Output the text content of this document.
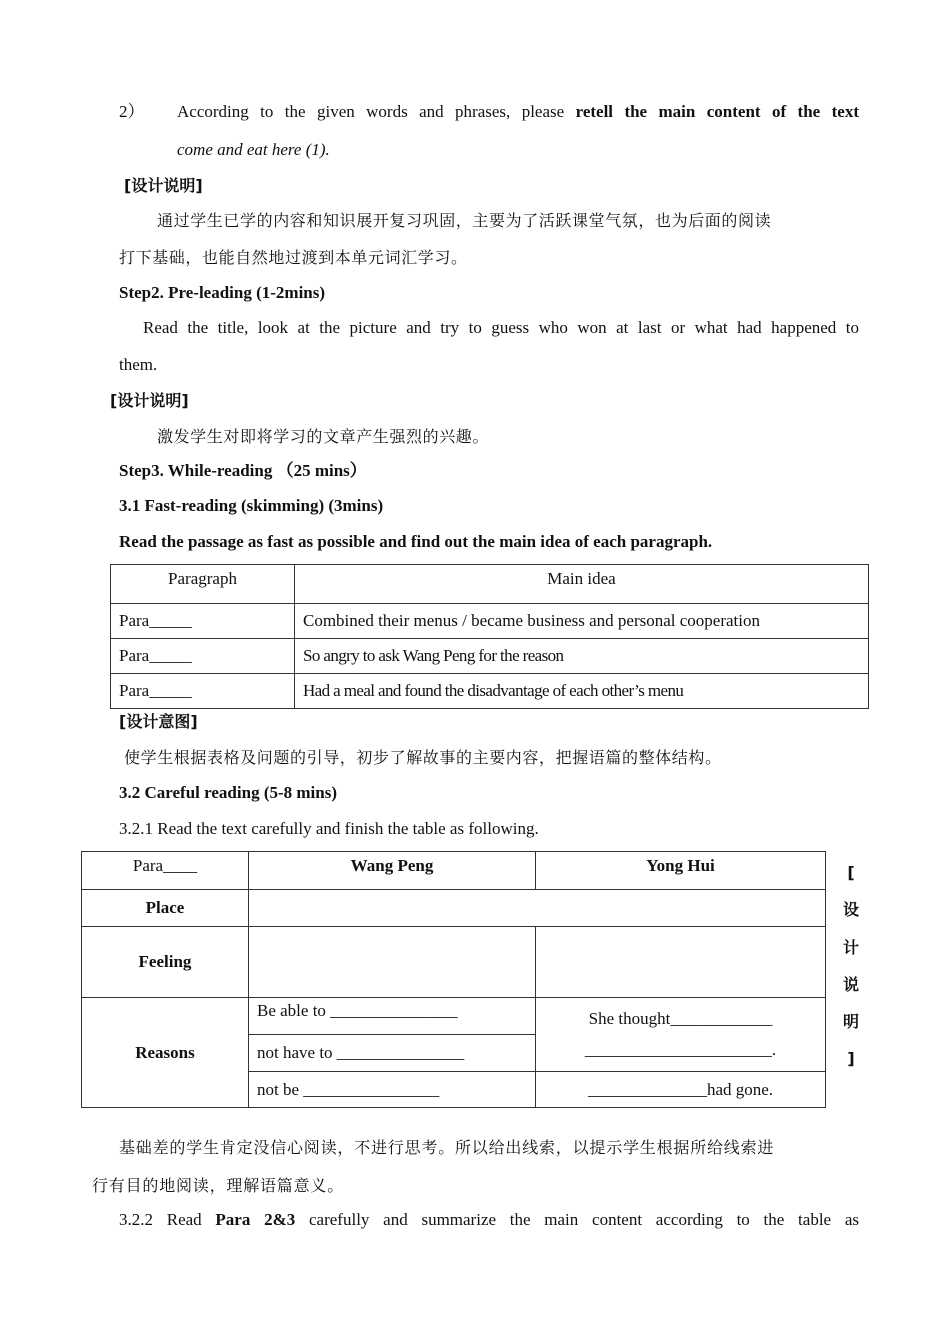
2） According to the given words and phrases, please retell the main content of the text
come and eat here (1).
[设计说明]
通过学生已学的内容和知识展开复习巩固，主要为了活跃课堂气氛，也为后面的阅读
打下基础，也能自然地过渡到本单元词汇学习。
Step2. Pre-leading (1-2mins)
Read the title, look at the picture and try to guess who won at last or what had happened to
them.
[设计说明]
激发学生对即将学习的文章产生强烈的兴趣。
Step3. While-reading （25 mins）
3.1 Fast-reading (skimming) (3mins)
Read the passage as fast as possible and find out the main idea of each paragraph.
Paragraph	Main idea
Para_____	Combined their menus / became business and personal cooperation
Para_____	So angry to ask Wang Peng for the reason
Para_____	Had a meal and found the disadvantage of each other’s menu
[设计意图]
使学生根据表格及问题的引导，初步了解故事的主要内容，把握语篇的整体结构。
3.2 Careful reading (5-8 mins)
3.2.1 Read the text carefully and finish the table as following.
Para____	Wang Peng	Yong Hui
Place		
Feeling		
Reasons	Be able to _______________	She thought____________
______________________.

	not have to _______________	
	not be ________________	______________had gone.
[
设
计
说
明
]
基础差的学生肯定没信心阅读，不进行思考。所以给出线索，以提示学生根据所给线索进
行有目的地阅读，理解语篇意义。
3.2.2 Read Para 2&3 carefully and summarize the main content according to the table as
